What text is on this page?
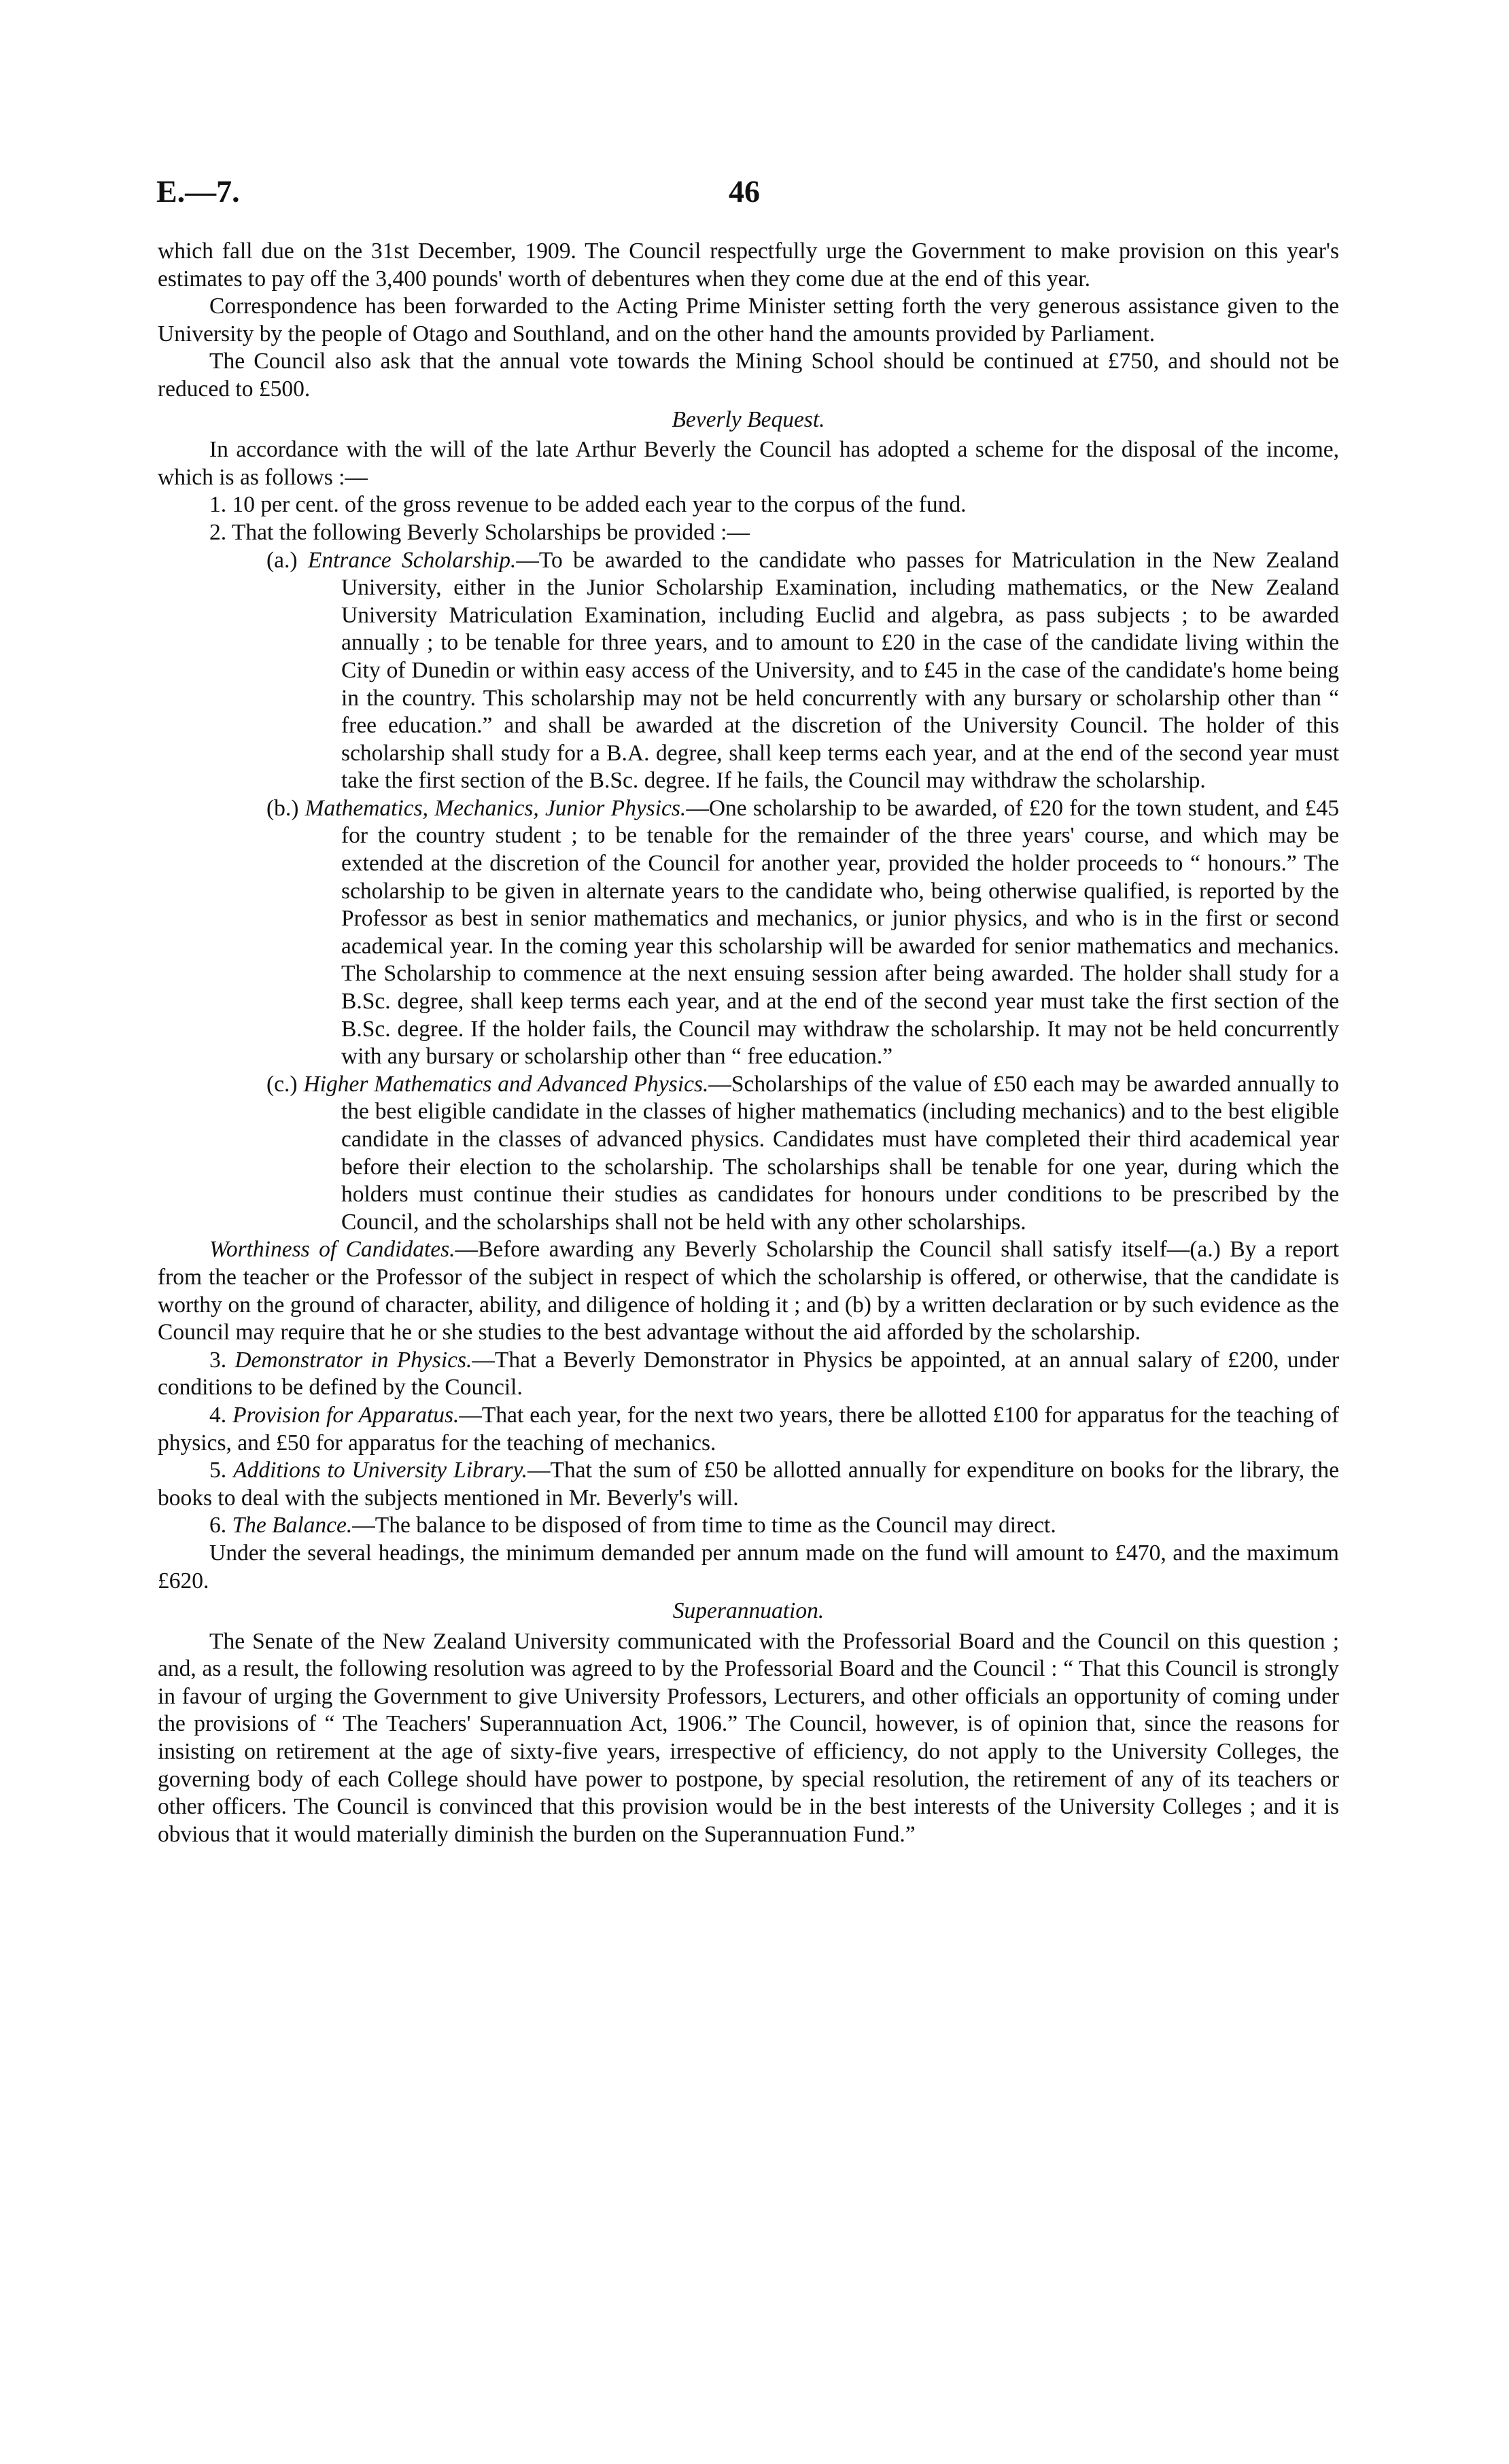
46
E.—7.

which fall due on the 31st December, 1909. The Council respectfully urge the Government to make provision on this year's estimates to pay off the 3,400 pounds' worth of debentures when they come due at the end of this year.

Correspondence has been forwarded to the Acting Prime Minister setting forth the very generous assistance given to the University by the people of Otago and Southland, and on the other hand the amounts provided by Parliament.

The Council also ask that the annual vote towards the Mining School should be continued at £750, and should not be reduced to £500.

Beverly Bequest.

In accordance with the will of the late Arthur Beverly the Council has adopted a scheme for the disposal of the income, which is as follows :—

1. 10 per cent. of the gross revenue to be added each year to the corpus of the fund.

2. That the following Beverly Scholarships be provided :—

(a.) Entrance Scholarship.—To be awarded to the candidate who passes for Matriculation in the New Zealand University, either in the Junior Scholarship Examination, including mathematics, or the New Zealand University Matriculation Examination, including Euclid and algebra, as pass subjects ; to be awarded annually ; to be tenable for three years, and to amount to £20 in the case of the candidate living within the City of Dunedin or within easy access of the University, and to £45 in the case of the candidate's home being in the country. This scholarship may not be held concurrently with any bursary or scholarship other than “ free education.” and shall be awarded at the discretion of the University Council. The holder of this scholarship shall study for a B.A. degree, shall keep terms each year, and at the end of the second year must take the first section of the B.Sc. degree. If he fails, the Council may withdraw the scholarship.

(b.) Mathematics, Mechanics, Junior Physics.—One scholarship to be awarded, of £20 for the town student, and £45 for the country student ; to be tenable for the remainder of the three years' course, and which may be extended at the discretion of the Council for another year, provided the holder proceeds to “ honours.” The scholarship to be given in alternate years to the candidate who, being otherwise qualified, is reported by the Professor as best in senior mathematics and mechanics, or junior physics, and who is in the first or second academical year. In the coming year this scholarship will be awarded for senior mathematics and mechanics. The Scholarship to commence at the next ensuing session after being awarded. The holder shall study for a B.Sc. degree, shall keep terms each year, and at the end of the second year must take the first section of the B.Sc. degree. If the holder fails, the Council may withdraw the scholarship. It may not be held concurrently with any bursary or scholarship other than “ free education.”

(c.) Higher Mathematics and Advanced Physics.—Scholarships of the value of £50 each may be awarded annually to the best eligible candidate in the classes of higher mathematics (including mechanics) and to the best eligible candidate in the classes of advanced physics. Candidates must have completed their third academical year before their election to the scholarship. The scholarships shall be tenable for one year, during which the holders must continue their studies as candidates for honours under conditions to be prescribed by the Council, and the scholarships shall not be held with any other scholarships.

Worthiness of Candidates.—Before awarding any Beverly Scholarship the Council shall satisfy itself—(a.) By a report from the teacher or the Professor of the subject in respect of which the scholarship is offered, or otherwise, that the candidate is worthy on the ground of character, ability, and diligence of holding it ; and (b) by a written declaration or by such evidence as the Council may require that he or she studies to the best advantage without the aid afforded by the scholarship.

3. Demonstrator in Physics.—That a Beverly Demonstrator in Physics be appointed, at an annual salary of £200, under conditions to be defined by the Council.

4. Provision for Apparatus.—That each year, for the next two years, there be allotted £100 for apparatus for the teaching of physics, and £50 for apparatus for the teaching of mechanics.

5. Additions to University Library.—That the sum of £50 be allotted annually for expenditure on books for the library, the books to deal with the subjects mentioned in Mr. Beverly's will.

6. The Balance.—The balance to be disposed of from time to time as the Council may direct.

Under the several headings, the minimum demanded per annum made on the fund will amount to £470, and the maximum £620.

Superannuation.

The Senate of the New Zealand University communicated with the Professorial Board and the Council on this question ; and, as a result, the following resolution was agreed to by the Professorial Board and the Council : “ That this Council is strongly in favour of urging the Government to give University Professors, Lecturers, and other officials an opportunity of coming under the provisions of “ The Teachers' Superannuation Act, 1906.” The Council, however, is of opinion that, since the reasons for insisting on retirement at the age of sixty-five years, irrespective of efficiency, do not apply to the University Colleges, the governing body of each College should have power to postpone, by special resolution, the retirement of any of its teachers or other officers. The Council is convinced that this provision would be in the best interests of the University Colleges ; and it is obvious that it would materially diminish the burden on the Superannuation Fund.”
